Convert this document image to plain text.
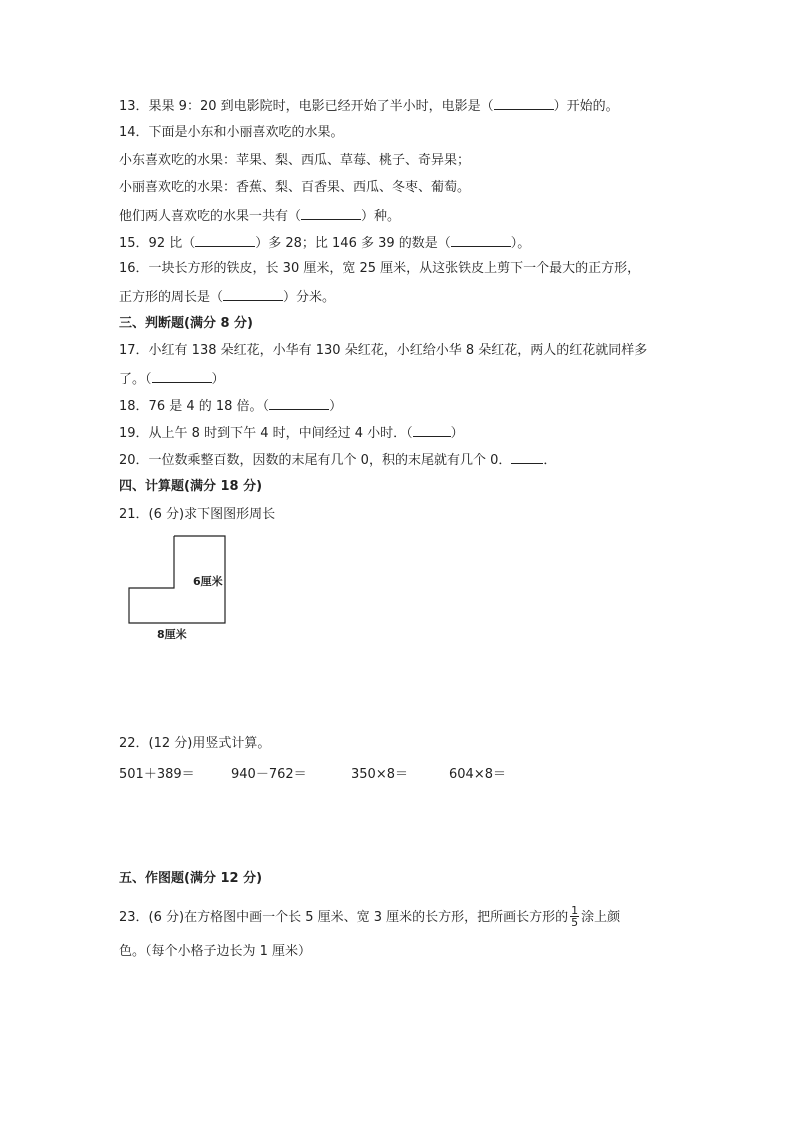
13．果果 9：20 到电影院时，电影已经开始了半小时，电影是（	）开始的。
14．下面是小东和小丽喜欢吃的水果。
小东喜欢吃的水果：苹果、梨、西瓜、草莓、桃子、奇异果；
小丽喜欢吃的水果：香蕉、梨、百香果、西瓜、冬枣、葡萄。
他们两人喜欢吃的水果一共有（	）种。
15．92 比（	）多 28；比 146 多 39 的数是（	）。
16．一块长方形的铁皮，长 30 厘米，宽 25 厘米，从这张铁皮上剪下一个最大的正方形，
正方形的周长是（	）分米。
三、判断题(满分 8 分)
17．小红有 138 朵红花，小华有 130 朵红花，小红给小华 8 朵红花，两人的红花就同样多
了。（	）
18．76 是 4 的 18 倍。（	）
19．从上午 8 时到下午 4 时，中间经过 4 小时．（	）
20．一位数乘整百数，因数的末尾有几个 0，积的末尾就有几个 0． ．
四、计算题(满分 18 分)
21．(6 分)求下图图形周长
6厘米
8厘米
22．(12 分)用竖式计算。
501＋389＝	940－762＝	350×8＝	604×8＝
五、作图题(满分 12 分)
23．(6 分)在方格图中画一个长 5 厘米、宽 3 厘米的长方形，把所画长方形的 $\frac{1}{5}$ 涂上颜
色。（每个小格子边长为 1 厘米）
